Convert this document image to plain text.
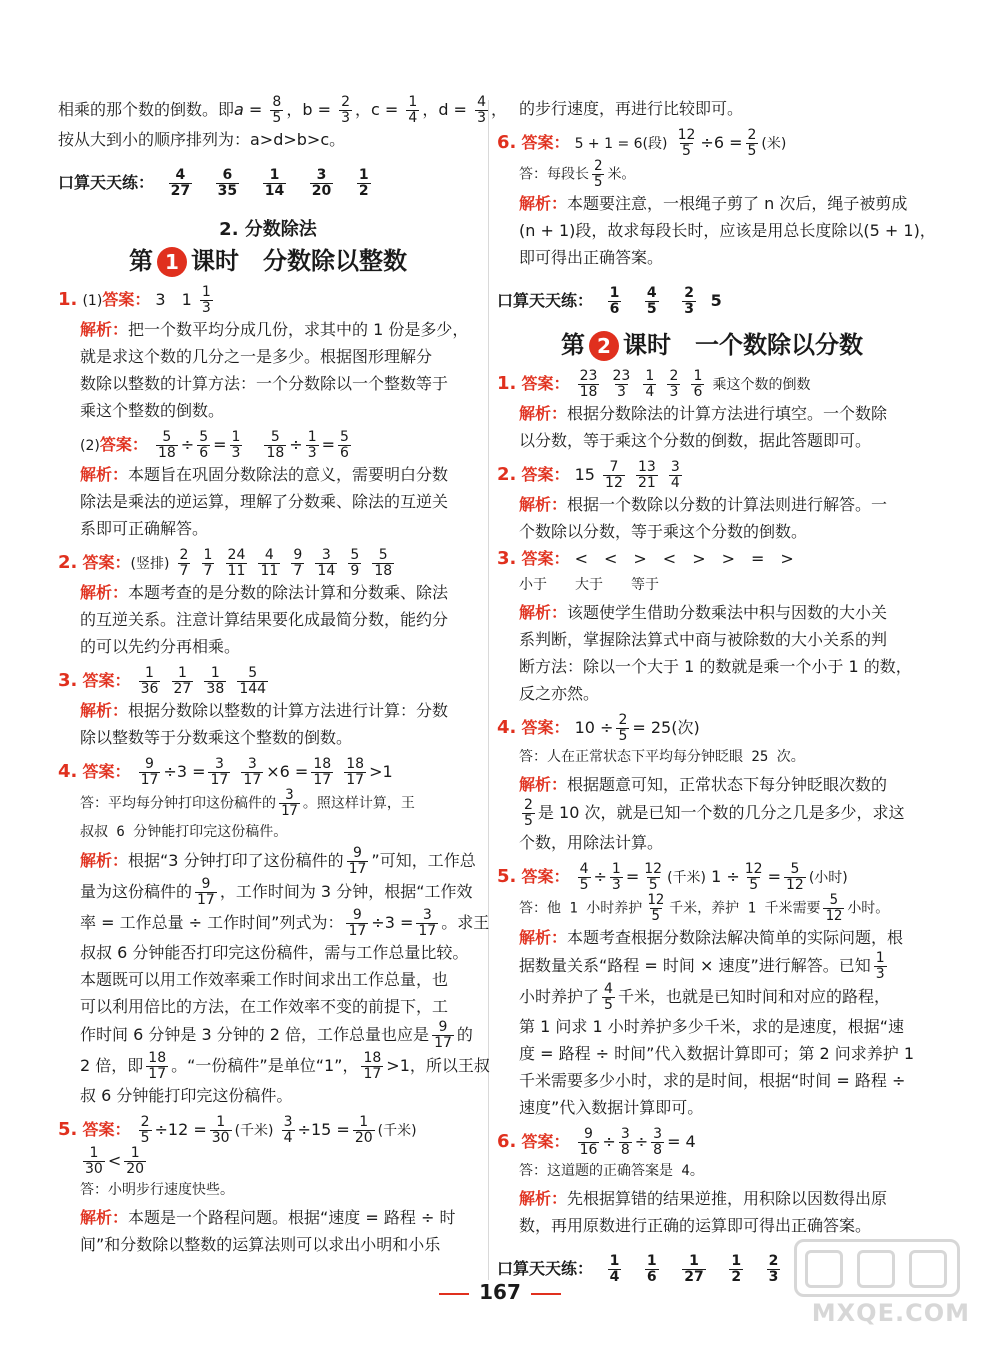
相乘的那个数的倒数。即$a = \frac{8}{5}$ ，$b = \frac{2}{3}$ ，$c = \frac{1}{4}$ ，$d = \frac{4}{3}$ ，

按从大到小的顺序排列为：a>d>b>c。

口算天天练： $\frac{4}{27}$
$\frac{6}{35}$
$\frac{1}{14}$
$\frac{3}{20}$
$\frac{1}{2}$
2. 分数除法
第 1 课时　分数除以整数

1. (1)答案： 3　$1 \frac{1}{3}$

解析：把一个数平均分成几份，求其中的 1 份是多少，

就是求这个数的几分之一是多少。根据图形理解分

数除以整数的计算方法：一个分数除以一个整数等于

乘这个整数的倒数。

(2)答案： $\frac{5}{18} \div \frac{5}{6} = \frac{1}{3}$
　 $\frac{5}{18} \div \frac{1}{3} = \frac{5}{6}$

解析：本题旨在巩固分数除法的意义，需要明白分数

除法是乘法的逆运算，理解了分数乘、除法的互逆关

系即可正确解答。

2. 答案：(竖排) $\frac{2}{7}$
$\frac{1}{7}$
$\frac{24}{11}$
$\frac{4}{11}$
$\frac{9}{7}$
$\frac{3}{14}$
$\frac{5}{9}$
$\frac{5}{18}$

解析：本题考查的是分数的除法计算和分数乘、除法

的互逆关系。注意计算结果要化成最简分数，能约分

的可以先约分再相乘。

3. 答案： $\frac{1}{36}$
$\frac{1}{27}$
$\frac{1}{38}$
$\frac{5}{144}$

解析：根据分数除以整数的计算方法进行计算：分数

除以整数等于分数乘这个整数的倒数。

4. 答案： $\frac{9}{17} \div 3 = \frac{3}{17}$
$\frac{3}{17} \times 6 = \frac{18}{17}$
$\frac{18}{17} >1$

答：平均每分钟打印这份稿件的 $\frac{3}{17}$ 。照这样计算，王

叔叔 6 分钟能打印完这份稿件。

解析：根据“3 分钟打印了这份稿件的 $\frac{9}{17}$ ”可知，工作总

量为这份稿件的 $\frac{9}{17}$ ，工作时间为 3 分钟，根据“工作效

率 = 工作总量 ÷ 工作时间”列式为： $\frac{9}{17} \div 3 = \frac{3}{17}$ 。求王

叔叔 6 分钟能否打印完这份稿件，需与工作总量比较。

本题既可以用工作效率乘工作时间求出工作总量，也

可以利用倍比的方法，在工作效率不变的前提下，工

作时间 6 分钟是 3 分钟的 2 倍，工作总量也应是 $\frac{9}{17}$ 的

2 倍，即 $\frac{18}{17}$ 。“一份稿件”是单位“1”， $\frac{18}{17} >1$，所以王叔

叔 6 分钟能打印完这份稿件。

5. 答案： $\frac{2}{5} \div 12 = \frac{1}{30}$ (千米) $\frac{3}{4} \div 15 = \frac{1}{20}$ (千米)

$\frac{1}{30} < \frac{1}{20}$

答：小明步行速度快些。

解析：本题是一个路程问题。根据“速度 = 路程 ÷ 时

间”和分数除以整数的运算法则可以求出小明和小乐

的步行速度，再进行比较即可。

6. 答案： 5 + 1 = 6(段) $\frac{12}{5} \div 6 = \frac{2}{5}$ (米)

答：每段长 $\frac{2}{5}$ 米。

解析：本题要注意，一根绳子剪了 n 次后，绳子被剪成

(n + 1)段，故求每段长时，应该是用总长度除以(5 + 1)，

即可得出正确答案。

口算天天练： $\frac{1}{6}$
$\frac{4}{5}$
$\frac{2}{3} 5$
第 2 课时　一个数除以分数

1. 答案： $\frac{23}{18}$
$\frac{23}{3}$
$\frac{1}{4}$
$\frac{2}{3}$
$\frac{1}{6}$ 乘这个数的倒数

解析：根据分数除法的计算方法进行填空。一个数除

以分数，等于乘这个分数的倒数，据此答题即可。

2. 答案： $15 \frac{7}{12}$
$\frac{13}{21}$
$\frac{3}{4}$

解析：根据一个数除以分数的计算法则进行解答。一

个数除以分数，等于乘这个分数的倒数。

3. 答案： <　<　>　<　>　>　=　>

小于　　大于　　等于

解析：该题使学生借助分数乘法中积与因数的大小关

系判断，掌握除法算式中商与被除数的大小关系的判

断方法：除以一个大于 1 的数就是乘一个小于 1 的数，

反之亦然。

4. 答案： $10 \div \frac{2}{5} = 25$(次)

答：人在正常状态下平均每分钟眨眼 25 次。

解析：根据题意可知，正常状态下每分钟眨眼次数的

$\frac{2}{5}$ 是 10 次，就是已知一个数的几分之几是多少，求这

个数，用除法计算。

5. 答案： $\frac{4}{5} \div \frac{1}{3} = \frac{12}{5}$ (千米) $1 \div \frac{12}{5} = \frac{5}{12}$ (小时)

答：他 1 小时养护 $\frac{12}{5}$ 千米，养护 1 千米需要 $\frac{5}{12}$ 小时。

解析：本题考查根据分数除法解决简单的实际问题，根

据数量关系“路程 = 时间 × 速度”进行解答。已知 $\frac{1}{3}$

小时养护了 $\frac{4}{5}$ 千米，也就是已知时间和对应的路程，

第 1 问求 1 小时养护多少千米，求的是速度，根据“速

度 = 路程 ÷ 时间”代入数据计算即可；第 2 问求养护 1

千米需要多少小时，求的是时间，根据“时间 = 路程 ÷

速度”代入数据计算即可。

6. 答案： $\frac{9}{16} \div \frac{3}{8} \div \frac{3}{8} = 4$

答：这道题的正确答案是 4。

解析：先根据算错的结果逆推，用积除以因数得出原

数，再用原数进行正确的运算即可得出正确答案。

口算天天练： $\frac{1}{4}$
$\frac{1}{6}$
$\frac{1}{27}$
$\frac{1}{2}$
$\frac{2}{3}$
167
MXQE.COM
